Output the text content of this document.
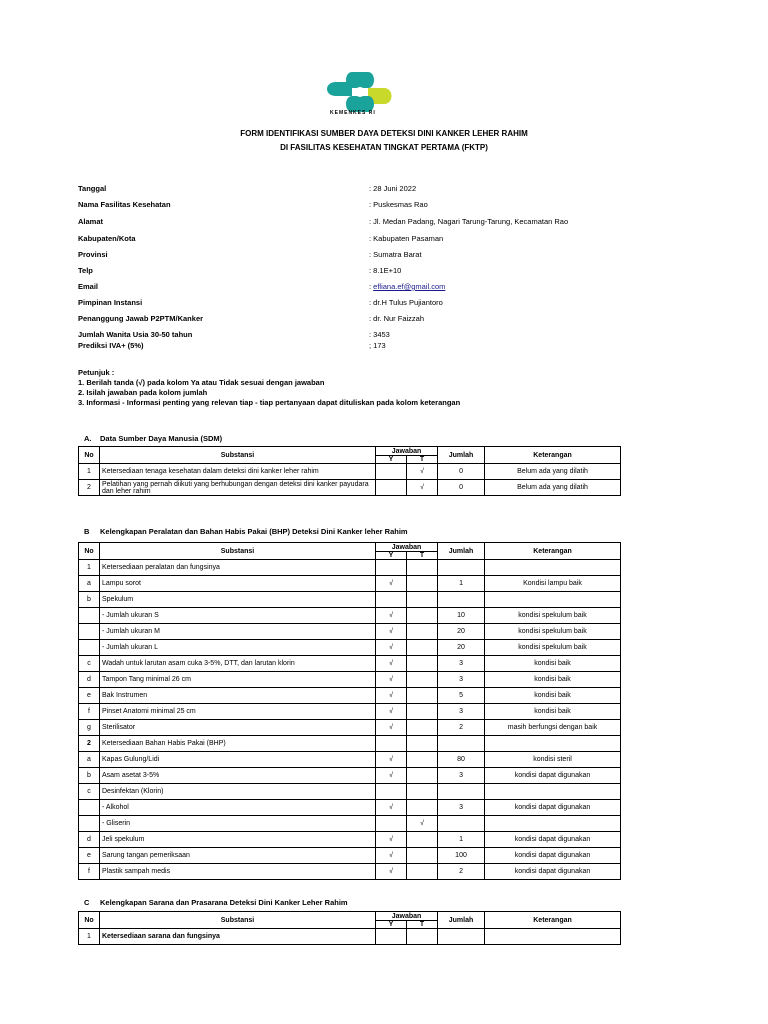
KEMENKES RI
FORM IDENTIFIKASI SUMBER DAYA DETEKSI DINI KANKER LEHER RAHIM
DI FASILITAS KESEHATAN TINGKAT PERTAMA (FKTP)
Tanggal	: 28 Juni 2022
Nama Fasilitas Kesehatan	: Puskesmas Rao
Alamat	: Jl. Medan Padang, Nagari Tarung-Tarung, Kecamatan Rao
Kabupaten/Kota	: Kabupaten Pasaman
Provinsi	: Sumatra Barat
Telp	: 8.1E+10
Email	: efliana.ef@gmail.com
Pimpinan Instansi	: dr.H Tulus Pujiantoro
Penanggung Jawab P2PTM/Kanker	: dr. Nur Faizzah
Jumlah Wanita Usia 30-50 tahun	: 3453
Prediksi IVA+ (5%)	; 173
Petunjuk :
1. Berilah tanda (√) pada kolom Ya atau Tidak sesuai dengan jawaban
2. Isilah jawaban pada kolom jumlah
3. Informasi - Informasi penting yang relevan tiap - tiap pertanyaan dapat dituliskan pada kolom keterangan
A. Data Sumber Daya Manusia (SDM)
No	Substansi	Jawaban
Y T		Jumlah	Keterangan
1	Ketersediaan tenaga kesehatan dalam deteksi dini kanker leher rahim		√	0	Belum ada yang dilatih
2	Pelatihan yang pernah diikuti yang berhubungan dengan deteksi dini kanker payudara dan leher rahim		√	0	Belum ada yang dilatih
B Kelengkapan Peralatan dan Bahan Habis Pakai (BHP) Deteksi Dini Kanker leher Rahim
No	Substansi	Jawaban
Y T		Jumlah	Keterangan
1	Ketersediaan peralatan dan fungsinya				
a	Lampu sorot	√		1	Kondisi lampu baik
b	Spekulum				
	- Jumlah ukuran S	√		10	kondisi spekulum baik
	- Jumlah ukuran M	√		20	kondisi spekulum baik
	- Jumlah ukuran L	√		20	kondisi spekulum baik
c	Wadah untuk larutan asam cuka 3-5%, DTT, dan larutan klorin	√		3	kondisi baik
d	Tampon Tang minimal 26 cm	√		3	kondisi baik
e	Bak Instrumen	√		5	kondisi baik
f	Pinset Anatomi minimal 25 cm	√		3	kondisi baik
g	Sterilisator	√		2	masih berfungsi dengan baik
2	Ketersediaan Bahan Habis Pakai (BHP)				
a	Kapas Gulung/Lidi	√		80	kondisi steril
b	Asam asetat 3-5%	√		3	kondisi dapat digunakan
c	Desinfektan (Klorin)				
	- Alkohol	√		3	kondisi dapat digunakan
	- Gliserin		√		
d	Jeli spekulum	√		1	kondisi dapat digunakan
e	Sarung tangan pemeriksaan	√		100	kondisi dapat digunakan
f	Plastik sampah medis	√		2	kondisi dapat digunakan
C Kelengkapan Sarana dan Prasarana Deteksi Dini Kanker Leher Rahim
No	Substansi	Jawaban
Y T		Jumlah	Keterangan
1	Ketersediaan sarana dan fungsinya				
